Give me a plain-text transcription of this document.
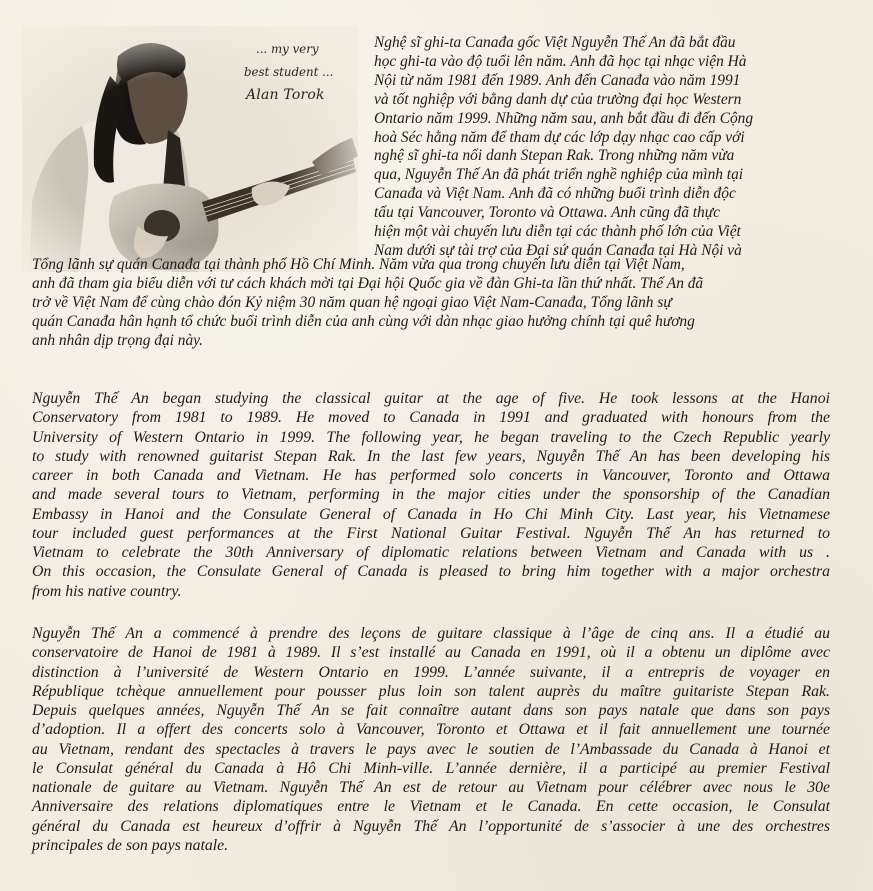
... my very
best student ...
Alan Torok
Nghệ sĩ ghi-ta Canađa gốc Việt Nguyễn Thế An đã bắt đầu
học ghi-ta vào độ tuổi lên năm. Anh đã học tại nhạc viện Hà
Nội từ năm 1981 đến 1989. Anh đến Canađa vào năm 1991
và tốt nghiệp với bằng danh dự của trường đại học Western
Ontario năm 1999. Những năm sau, anh bắt đầu đi đến Cộng
hoà Séc hằng năm để tham dự các lớp dạy nhạc cao cấp với
nghệ sĩ ghi-ta nổi danh Stepan Rak. Trong những năm vừa
qua, Nguyễn Thế An đã phát triển nghề nghiệp của mình tại
Canađa và Việt Nam. Anh đã có những buổi trình diễn độc
tấu tại Vancouver, Toronto và Ottawa. Anh cũng đã thực
hiện một vài chuyến lưu diễn tại các thành phố lớn của Việt
Nam dưới sự tài trợ của Đại sứ quán Canađa tại Hà Nội và
Tổng lãnh sự quán Canađa tại thành phố Hồ Chí Minh. Năm vừa qua trong chuyến lưu diễn tại Việt Nam,
anh đã tham gia biểu diễn với tư cách khách mời tại Đại hội Quốc gia về đàn Ghi-ta lần thứ nhất. Thế An đã
trở về Việt Nam để cùng chào đón Kỷ niệm 30 năm quan hệ ngoại giao Việt Nam-Canađa, Tổng lãnh sự
quán Canađa hân hạnh tổ chức buổi trình diễn của anh cùng với dàn nhạc giao hưởng chính tại quê hương
anh nhân dịp trọng đại này.
Nguyễn Thế An began studying the classical guitar at the age of five. He took lessons at the Hanoi
Conservatory from 1981 to 1989. He moved to Canada in 1991 and graduated with honours from the
University of Western Ontario in 1999. The following year, he began traveling to the Czech Republic yearly
to study with renowned guitarist Stepan Rak. In the last few years, Nguyễn Thế An has been developing his
career in both Canada and Vietnam. He has performed solo concerts in Vancouver, Toronto and Ottawa
and made several tours to Vietnam, performing in the major cities under the sponsorship of the Canadian
Embassy in Hanoi and the Consulate General of Canada in Ho Chi Minh City. Last year, his Vietnamese
tour included guest performances at the First National Guitar Festival. Nguyễn Thế An has returned to
Vietnam to celebrate the 30th Anniversary of diplomatic relations between Vietnam and Canada with us .
On this occasion, the Consulate General of Canada is pleased to bring him together with a major orchestra
from his native country.
Nguyễn Thế An a commencé à prendre des leçons de guitare classique à l’âge de cinq ans. Il a étudié au
conservatoire de Hanoi de 1981 à 1989. Il s’est installé au Canada en 1991, où il a obtenu un diplôme avec
distinction à l’université de Western Ontario en 1999. L’année suivante, il a entrepris de voyager en
République tchèque annuellement pour pousser plus loin son talent auprès du maître guitariste Stepan Rak.
Depuis quelques années, Nguyễn Thế An se fait connaître autant dans son pays natale que dans son pays
d’adoption. Il a offert des concerts solo à Vancouver, Toronto et Ottawa et il fait annuellement une tournée
au Vietnam, rendant des spectacles à travers le pays avec le soutien de l’Ambassade du Canada à Hanoi et
le Consulat général du Canada à Hô Chi Minh-ville. L’année dernière, il a participé au premier Festival
nationale de guitare au Vietnam. Nguyễn Thế An est de retour au Vietnam pour célébrer avec nous le 30e
Anniversaire des relations diplomatiques entre le Vietnam et le Canada. En cette occasion, le Consulat
général du Canada est heureux d’offrir à Nguyễn Thế An l’opportunité de s’associer à une des orchestres
principales de son pays natale.
